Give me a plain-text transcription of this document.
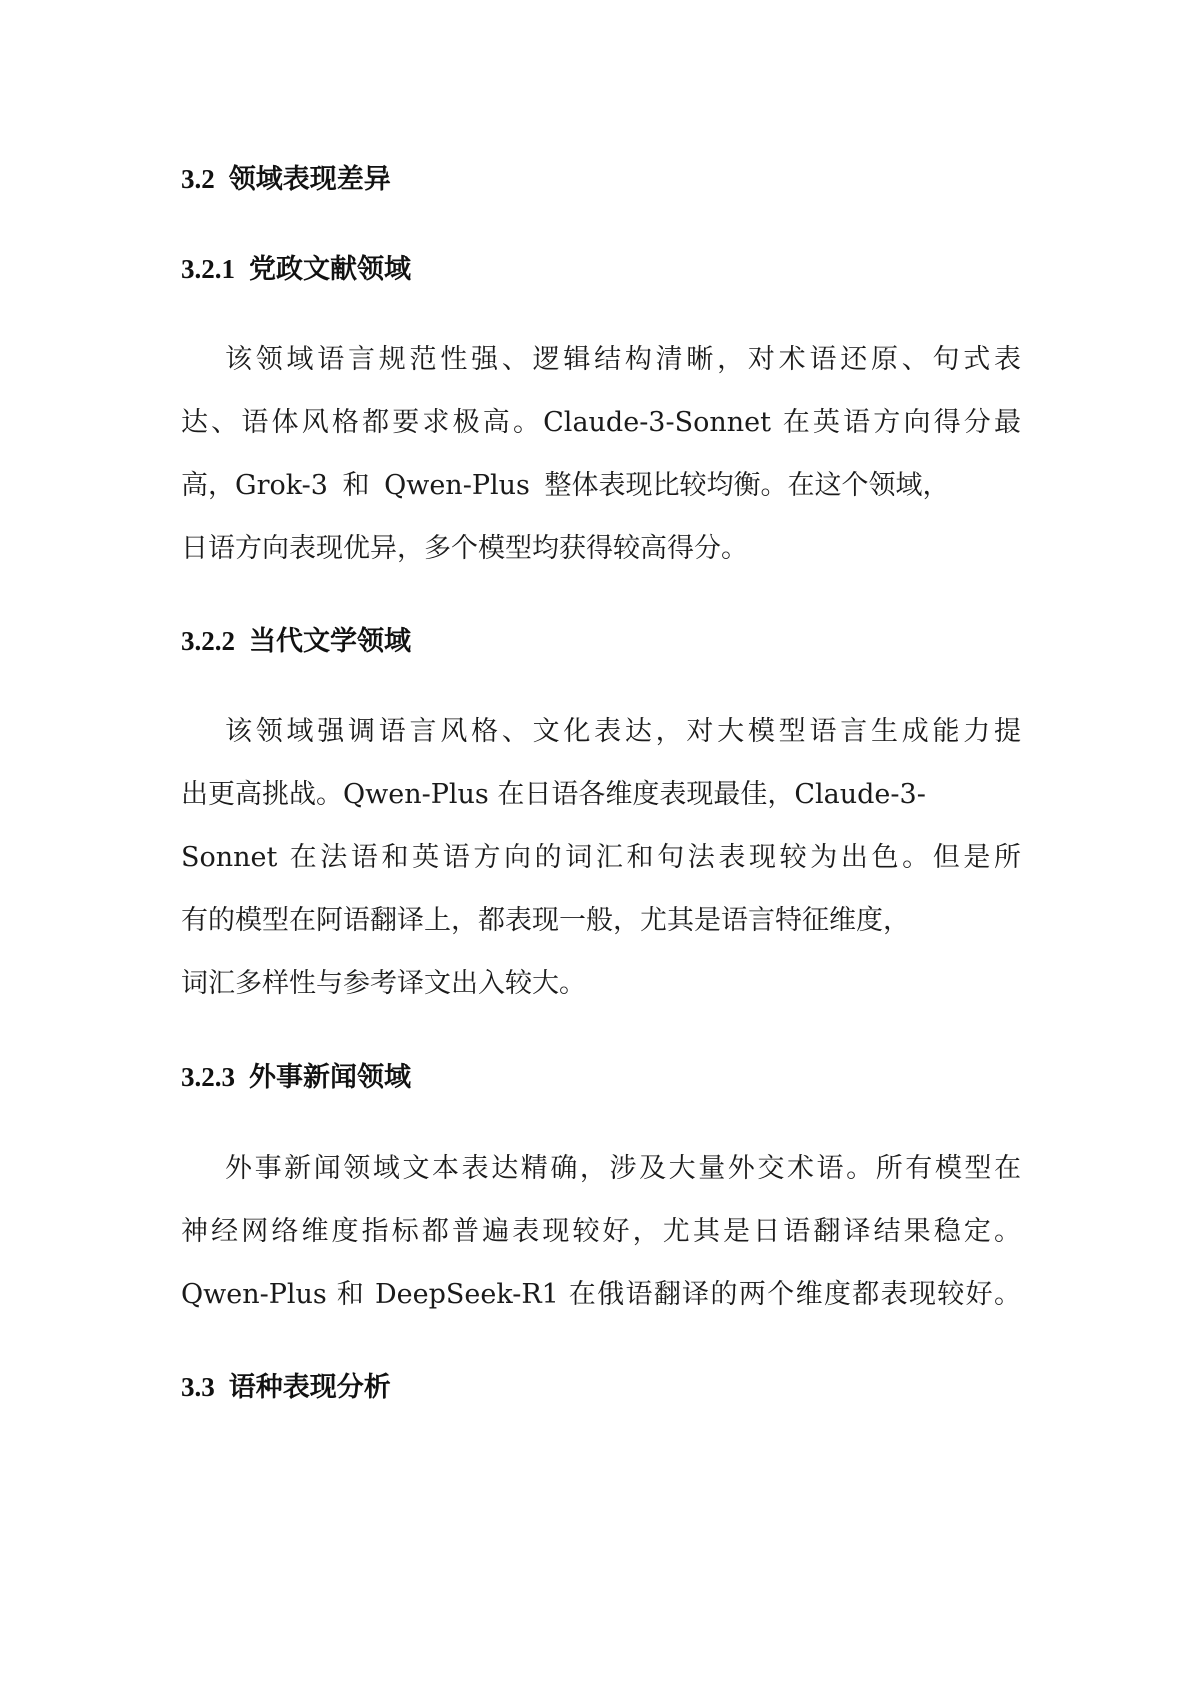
3.2 领域表现差异
3.2.1 党政文献领域

该领域语言规范性强、逻辑结构清晰，对术语还原、句式表

达、语体风格都要求极高。Claude-3-Sonnet 在英语方向得分最

高，Grok-3 和 Qwen-Plus 整体表现比较均衡。在这个领域，

日语方向表现优异，多个模型均获得较高得分。

3.2.2 当代文学领域

该领域强调语言风格、文化表达，对大模型语言生成能力提

出更高挑战。Qwen-Plus 在日语各维度表现最佳，Claude-3-

Sonnet 在法语和英语方向的词汇和句法表现较为出色。但是所

有的模型在阿语翻译上，都表现一般，尤其是语言特征维度，

词汇多样性与参考译文出入较大。

3.2.3 外事新闻领域

外事新闻领域文本表达精确，涉及大量外交术语。所有模型在

神经网络维度指标都普遍表现较好，尤其是日语翻译结果稳定。

Qwen-Plus 和 DeepSeek-R1 在俄语翻译的两个维度都表现较好。

3.3 语种表现分析
